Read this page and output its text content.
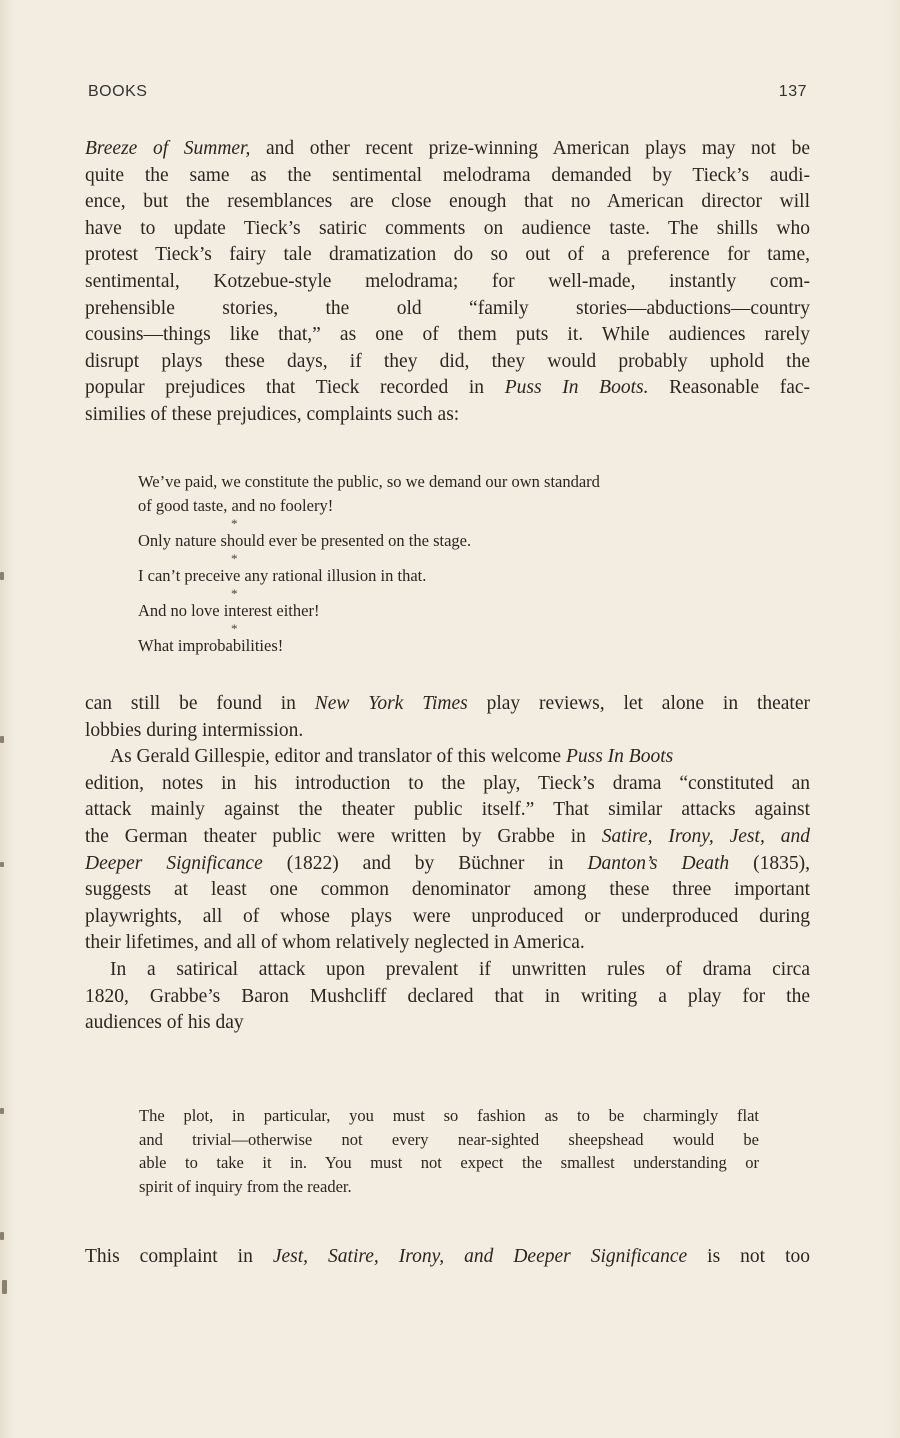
BOOKS	137
Breeze of Summer, and other recent prize-winning American plays may not be
quite the same as the sentimental melodrama demanded by Tieck’s audi-
ence, but the resemblances are close enough that no American director will
have to update Tieck’s satiric comments on audience taste. The shills who
protest Tieck’s fairy tale dramatization do so out of a preference for tame,
sentimental, Kotzebue-style melodrama; for well-made, instantly com-
prehensible stories, the old “family stories—abductions—country
cousins—things like that,” as one of them puts it. While audiences rarely
disrupt plays these days, if they did, they would probably uphold the
popular prejudices that Tieck recorded in Puss In Boots. Reasonable fac-
similies of these prejudices, complaints such as:
We’ve paid, we constitute the public, so we demand our own standard
of good taste, and no foolery!
*
Only nature should ever be presented on the stage.
*
I can’t preceive any rational illusion in that.
*
And no love interest either!
*
What improbabilities!
can still be found in New York Times play reviews, let alone in theater
lobbies during intermission.
As Gerald Gillespie, editor and translator of this welcome Puss In Boots
edition, notes in his introduction to the play, Tieck’s drama “constituted an
attack mainly against the theater public itself.” That similar attacks against
the German theater public were written by Grabbe in Satire, Irony, Jest, and
Deeper Significance (1822) and by Büchner in Danton’s Death (1835),
suggests at least one common denominator among these three important
playwrights, all of whose plays were unproduced or underproduced during
their lifetimes, and all of whom relatively neglected in America.
In a satirical attack upon prevalent if unwritten rules of drama circa
1820, Grabbe’s Baron Mushcliff declared that in writing a play for the
audiences of his day
The plot, in particular, you must so fashion as to be charmingly flat
and trivial—otherwise not every near-sighted sheepshead would be
able to take it in. You must not expect the smallest understanding or
spirit of inquiry from the reader.
This complaint in Jest, Satire, Irony, and Deeper Significance is not too
